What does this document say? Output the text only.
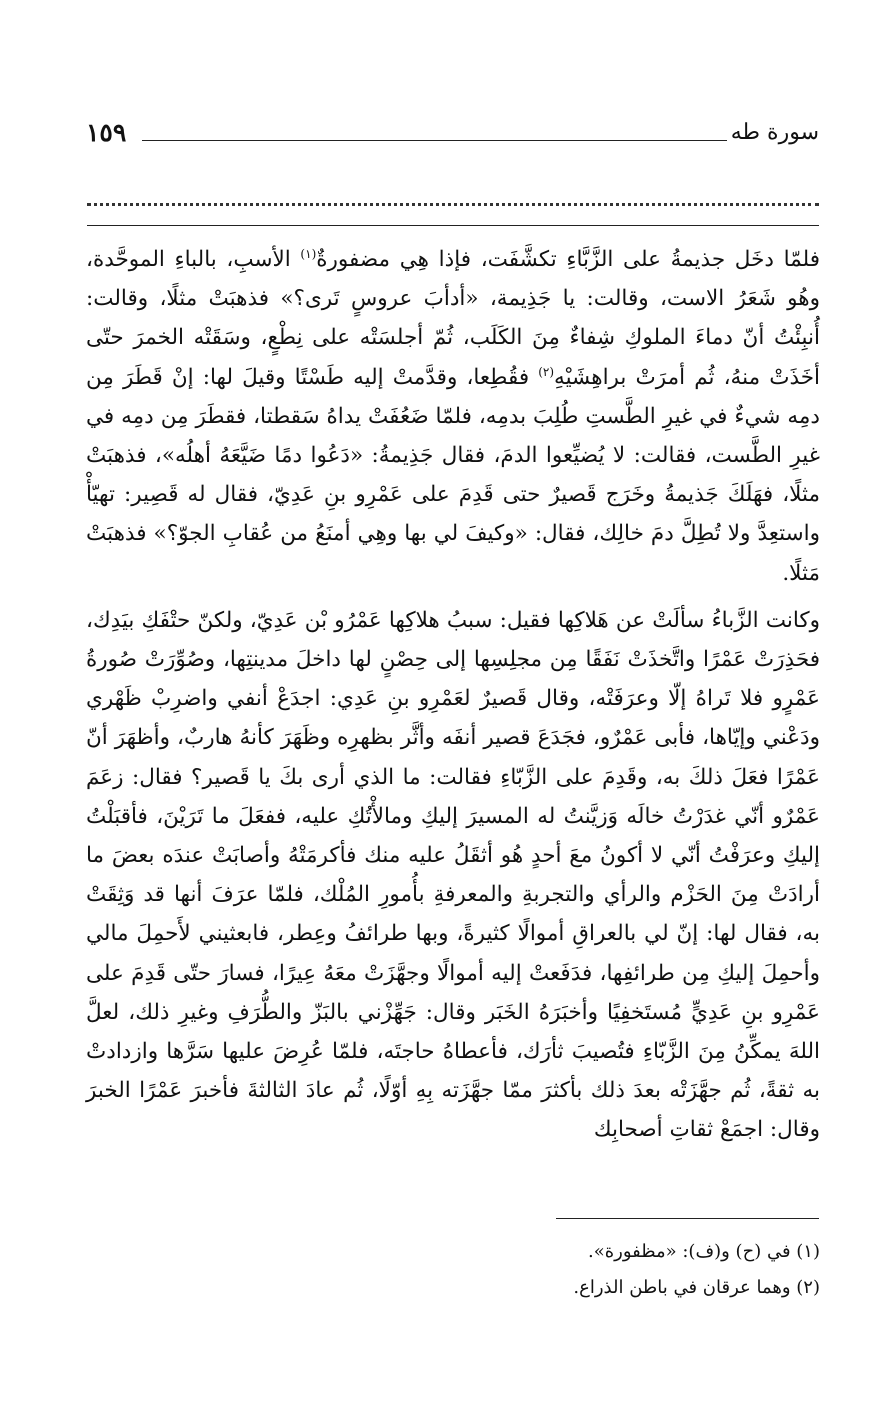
سورة طه
١٥٩

فلمّا دخَل جذيمةُ على الزَّبَّاءِ تكشَّفَت، فإذا هِي مضفورةٌ$^{(١)}$ الأسبِ، بالباءِ الموحَّدة، وهُو شَعَرُ الاست، وقالت: يا جَذِيمة، «أدأبَ عروسٍ تَرى؟» فذهبَتْ مثلًا، وقالت: أُنبِئْتُ أنّ دماءَ الملوكِ شِفاءٌ مِنَ الكَلَب، ثُمّ أجلسَتْه على نِطْعٍ، وسَقَتْه الخمرَ حتّى أخَذَتْ منهُ، ثُم أمرَتْ براهِشَيْهِ$^{(٢)}$ فقُطِعا، وقدَّمتْ إليه طَسْتًا وقيلَ لها: إنْ قَطَرَ مِن دمِه شيءٌ في غيرِ الطَّستِ طُلِبَ بدمِه، فلمّا ضَعُفَتْ يداهُ سَقطتا، فقطَرَ مِن دمِه في غيرِ الطَّست، فقالت: لا يُضيِّعوا الدمَ، فقال جَذِيمةُ: «دَعُوا دمًا ضَيَّعَهُ أهلُه»، فذهبَتْ مثلًا، فهَلَكَ جَذيمةُ وخَرَج قَصيرٌ حتى قَدِمَ على عَمْرِو بنِ عَدِيّ، فقال له قَصِير: تهيّأْ واستعِدَّ ولا تُطِلَّ دمَ خالِك، فقال: «وكيفَ لي بها وهِي أمنَعُ من عُقابِ الجوّ؟» فذهبَتْ مَثلًا.

وكانت الزَّباءُ سألَتْ عن هَلاكِها فقيل: سببُ هلاكِها عَمْرُو بْن عَدِيّ، ولكنّ حتْفَكِ بيَدِك، فحَذِرَتْ عَمْرًا واتَّخذَتْ نَفَقًا مِن مجلِسِها إلى حِصْنٍ لها داخلَ مدينتِها، وصُوِّرَتْ صُورةُ عَمْرٍو فلا تَراهُ إلّا وعرَفَتْه، وقال قَصيرٌ لعَمْرِو بنِ عَدِي: اجدَعْ أنفي واضرِبْ ظَهْري ودَعْني وإيّاها، فأبى عَمْرٌو، فجَدَعَ قصير أنفَه وأثَّر بظهرِه وظَهَرَ كأنهُ هاربٌ، وأظهَرَ أنّ عَمْرًا فعَلَ ذلكَ به، وقَدِمَ على الزَّبّاءِ فقالت: ما الذي أرى بكَ يا قَصير؟ فقال: زعَمَ عَمْرٌو أنّي غدَرْتُ خالَه وَزيَّنتُ له المسيرَ إليكِ ومالأْتُكِ عليه، ففعَلَ ما تَرَيْنَ، فأقبَلْتُ إليكِ وعرَفْتُ أنّي لا أكونُ معَ أحدٍ هُو أثقَلُ عليه منك فأكرمَتْهُ وأصابَتْ عندَه بعضَ ما أرادَتْ مِنَ الحَزْم والرأي والتجربةِ والمعرفةِ بأُمورِ المُلْك، فلمّا عرَفَ أنها قد وَثِقَتْ به، فقال لها: إنّ لي بالعراقِ أموالًا كثيرةً، وبها طرائفُ وعِطر، فابعثيني لأَحمِلَ مالي وأحمِلَ إليكِ مِن طرائفِها، فدَفَعتْ إليه أموالًا وجهَّزَتْ معَهُ عِيرًا، فسارَ حتّى قَدِمَ على عَمْرِو بنِ عَدِيٍّ مُستَخفِيًا وأخبَرَهُ الخَبَر وقال: جَهِّزْني بالبَزّ والطُّرَفِ وغيرِ ذلك، لعلَّ اللهَ يمكِّنُ مِنَ الزَّبّاءِ فتُصيبَ ثأرَك، فأعطاهُ حاجتَه، فلمّا عُرِضَ عليها سَرَّها وازدادتْ به ثقةً، ثُم جهَّزَتْه بعدَ ذلك بأكثرَ ممّا جهَّزَته بِهِ أوّلًا، ثُم عادَ الثالثةَ فأخبرَ عَمْرًا الخبرَ وقال: اجمَعْ ثقاتِ أصحابِك

(١) في (ح) و(ف): «مظفورة».

(٢) وهما عرقان في باطن الذراع.
